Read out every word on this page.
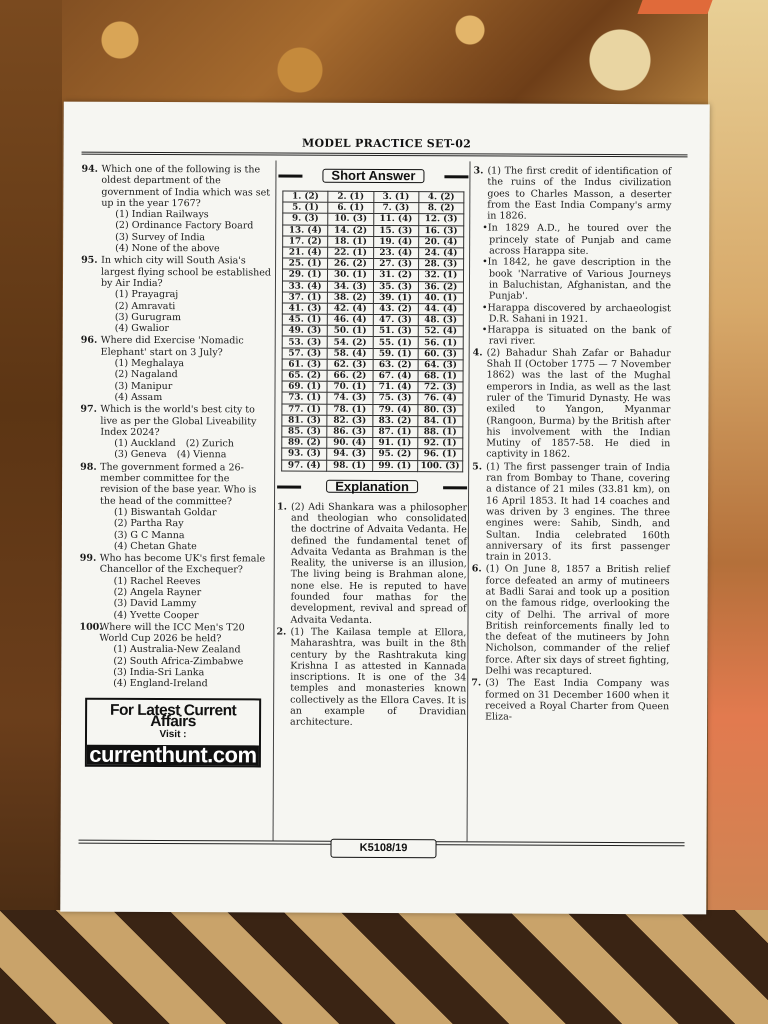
MODEL PRACTICE SET-02
94. Which one of the following is the oldest department of the government of India which was set up in the year 1767?
(1) Indian Railways
(2) Ordinance Factory Board
(3) Survey of India
(4) None of the above
95. In which city will South Asia's largest flying school be established by Air India?
(1) Prayagraj
(2) Amravati
(3) Gurugram
(4) Gwalior
96. Where did Exercise 'Nomadic Elephant' start on 3 July?
(1) Meghalaya
(2) Nagaland
(3) Manipur
(4) Assam
97. Which is the world's best city to live as per the Global Liveability Index 2024?
(1) Auckland (2) Zurich
(3) Geneva (4) Vienna
98. The government formed a 26-member committee for the revision of the base year. Who is the head of the committee?
(1) Biswantah Goldar
(2) Partha Ray
(3) G C Manna
(4) Chetan Ghate
99. Who has become UK's first female Chancellor of the Exchequer?
(1) Rachel Reeves
(2) Angela Rayner
(3) David Lammy
(4) Yvette Cooper
100.
Where will the ICC Men's T20 World Cup 2026 be held?
(1) Australia-New Zealand
(2) South Africa-Zimbabwe
(3) India-Sri Lanka
(4) England-Ireland
For Latest Current Affairs
Visit :
currenthunt.com
Short Answer
1. (2)	2. (1)	3. (1)	4. (2)
5. (1)	6. (1)	7. (3)	8. (2)
9. (3)	10. (3)	11. (4)	12. (3)
13. (4)	14. (2)	15. (3)	16. (3)
17. (2)	18. (1)	19. (4)	20. (4)
21. (4)	22. (1)	23. (4)	24. (4)
25. (1)	26. (2)	27. (3)	28. (3)
29. (1)	30. (1)	31. (2)	32. (1)
33. (4)	34. (3)	35. (3)	36. (2)
37. (1)	38. (2)	39. (1)	40. (1)
41. (3)	42. (4)	43. (2)	44. (4)
45. (1)	46. (4)	47. (3)	48. (3)
49. (3)	50. (1)	51. (3)	52. (4)
53. (3)	54. (2)	55. (1)	56. (1)
57. (3)	58. (4)	59. (1)	60. (3)
61. (3)	62. (3)	63. (2)	64. (3)
65. (2)	66. (2)	67. (4)	68. (1)
69. (1)	70. (1)	71. (4)	72. (3)
73. (1)	74. (3)	75. (3)	76. (4)
77. (1)	78. (1)	79. (4)	80. (3)
81. (3)	82. (3)	83. (2)	84. (1)
85. (3)	86. (3)	87. (1)	88. (1)
89. (2)	90. (4)	91. (1)	92. (1)
93. (3)	94. (3)	95. (2)	96. (1)
97. (4)	98. (1)	99. (1)	100. (3)
Explanation
1. (2) Adi Shankara was a philosopher and theologian who consolidated the doctrine of Advaita Vedanta. He defined the fundamental tenet of Advaita Vedanta as Brahman is the Reality, the universe is an illusion, The living being is Brahman alone, none else. He is reputed to have founded four mathas for the development, revival and spread of Advaita Vedanta.
2. (1) The Kailasa temple at Ellora, Maharashtra, was built in the 8th century by the Rashtrakuta king Krishna I as attested in Kannada inscriptions. It is one of the 34 temples and monasteries known collectively as the Ellora Caves. It is an example of Dravidian architecture.
3. (1) The first credit of identification of the ruins of the Indus civilization goes to Charles Masson, a deserter from the East India Company's army in 1826.
•In 1829 A.D., he toured over the princely state of Punjab and came across Harappa site.
•In 1842, he gave description in the book 'Narrative of Various Journeys in Baluchistan, Afghanistan, and the Punjab'.
•Harappa discovered by archaeologist D.R. Sahani in 1921.
•Harappa is situated on the bank of ravi river.
4. (2) Bahadur Shah Zafar or Bahadur Shah II (October 1775 — 7 November 1862) was the last of the Mughal emperors in India, as well as the last ruler of the Timurid Dynasty. He was exiled to Yangon, Myanmar (Rangoon, Burma) by the British after his involvement with the Indian Mutiny of 1857-58. He died in captivity in 1862.
5. (1) The first passenger train of India ran from Bombay to Thane, covering a distance of 21 miles (33.81 km), on 16 April 1853. It had 14 coaches and was driven by 3 engines. The three engines were: Sahib, Sindh, and Sultan. India celebrated 160th anniversary of its first passenger train in 2013.
6. (1) On June 8, 1857 a British relief force defeated an army of mutineers at Badli Sarai and took up a position on the famous ridge, overlooking the city of Delhi. The arrival of more British reinforcements finally led to the defeat of the mutineers by John Nicholson, commander of the relief force. After six days of street fighting, Delhi was recaptured.
7. (3) The East India Company was formed on 31 December 1600 when it received a Royal Charter from Queen Eliza-
K5108/19
